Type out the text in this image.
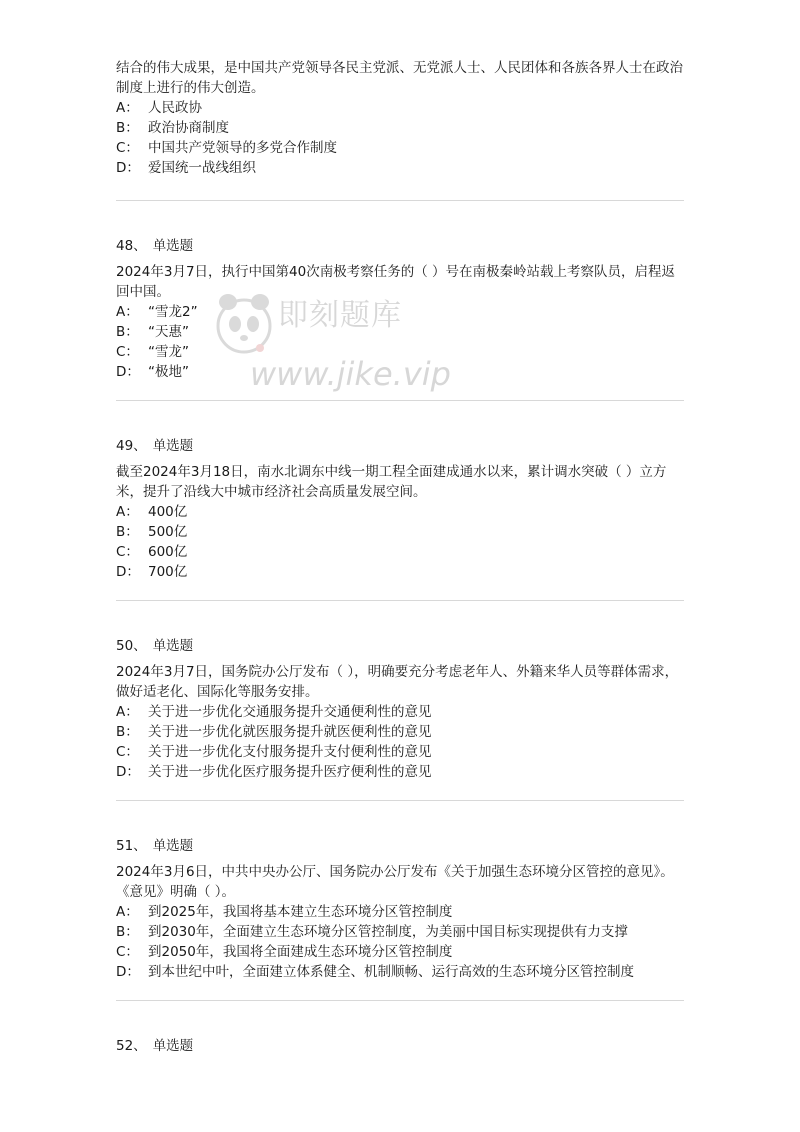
结合的伟大成果，是中国共产党领导各民主党派、无党派人士、人民团体和各族各界人士在政治制度上进行的伟大创造。
A： 人民政协
B： 政治协商制度
C： 中国共产党领导的多党合作制度
D： 爱国统一战线组织
48、 单选题
2024年3月7日，执行中国第40次南极考察任务的（ ）号在南极秦岭站载上考察队员，启程返回中国。
A： “雪龙2”
B： “天惠”
C： “雪龙”
D： “极地”
49、 单选题
截至2024年3月18日，南水北调东中线一期工程全面建成通水以来，累计调水突破（ ）立方米，提升了沿线大中城市经济社会高质量发展空间。
A： 400亿
B： 500亿
C： 600亿
D： 700亿
50、 单选题
2024年3月7日，国务院办公厅发布（ ），明确要充分考虑老年人、外籍来华人员等群体需求，做好适老化、国际化等服务安排。
A： 关于进一步优化交通服务提升交通便利性的意见
B： 关于进一步优化就医服务提升就医便利性的意见
C： 关于进一步优化支付服务提升支付便利性的意见
D： 关于进一步优化医疗服务提升医疗便利性的意见
51、 单选题
2024年3月6日，中共中央办公厅、国务院办公厅发布《关于加强生态环境分区管控的意见》。《意见》明确（ ）。
A： 到2025年，我国将基本建立生态环境分区管控制度
B： 到2030年，全面建立生态环境分区管控制度，为美丽中国目标实现提供有力支撑
C： 到2050年，我国将全面建成生态环境分区管控制度
D： 到本世纪中叶，全面建立体系健全、机制顺畅、运行高效的生态环境分区管控制度
52、 单选题
即刻题库
www.jike.vip
